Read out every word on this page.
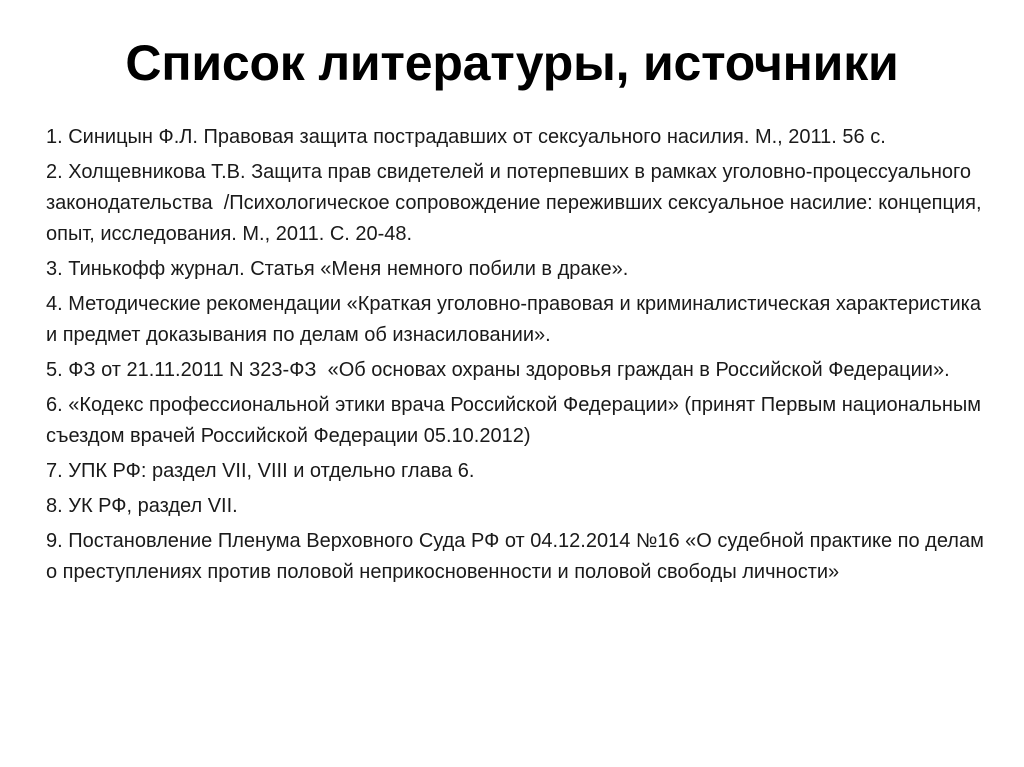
Список литературы, источники
1. Синицын Ф.Л. Правовая защита пострадавших от сексуального насилия. М., 2011. 56 с.
2. Холщевникова Т.В. Защита прав свидетелей и потерпевших в рамках уголовно-процессуального законодательства  /Психологическое сопровождение переживших сексуальное насилие: концепция, опыт, исследования. М., 2011. С. 20-48.
3. Тинькофф журнал. Статья «Меня немного побили в драке».
4. Методические рекомендации «Краткая уголовно-правовая и криминалистическая характеристика и предмет доказывания по делам об изнасиловании».
5. ФЗ от 21.11.2011 N 323-ФЗ  «Об основах охраны здоровья граждан в Российской Федерации».
6. «Кодекс профессиональной этики врача Российской Федерации» (принят Первым национальным съездом врачей Российской Федерации 05.10.2012)
7. УПК РФ: раздел VII, VIII и отдельно глава 6.
8. УК РФ, раздел VII.
9. Постановление Пленума Верховного Суда РФ от 04.12.2014 №16 «О судебной практике по делам о преступлениях против половой неприкосновенности и половой свободы личности»
